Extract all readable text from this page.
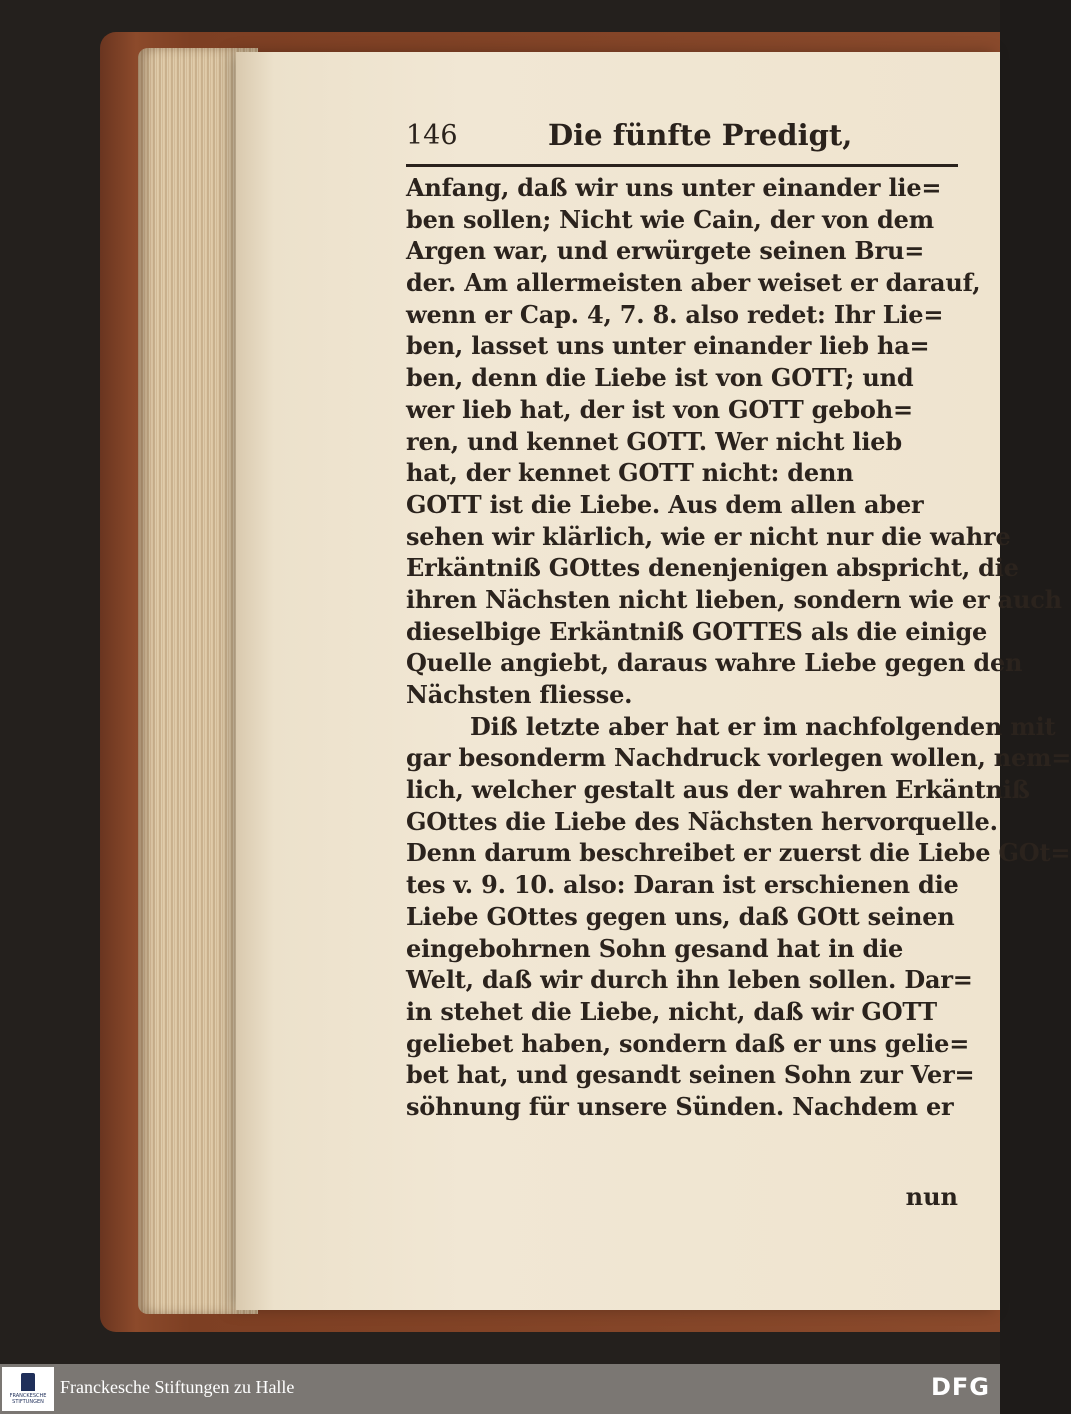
146	Die fünfte Predigt,
Anfang, daß wir uns unter einander lie=
ben sollen; Nicht wie Cain, der von dem
Argen war, und erwürgete seinen Bru=
der. Am allermeisten aber weiset er darauf,
wenn er Cap. 4, 7. 8. also redet: Ihr Lie=
ben, lasset uns unter einander lieb ha=
ben, denn die Liebe ist von GOTT; und
wer lieb hat, der ist von GOTT geboh=
ren, und kennet GOTT. Wer nicht lieb
hat, der kennet GOTT nicht: denn
GOTT ist die Liebe. Aus dem allen aber
sehen wir klärlich, wie er nicht nur die wahre
Erkäntniß GOttes denenjenigen abspricht, die
ihren Nächsten nicht lieben, sondern wie er auch
dieselbige Erkäntniß GOTTES als die einige
Quelle angiebt, daraus wahre Liebe gegen den
Nächsten fliesse.
Diß letzte aber hat er im nachfolgenden mit
gar besonderm Nachdruck vorlegen wollen, nem=
lich, welcher gestalt aus der wahren Erkäntniß
GOttes die Liebe des Nächsten hervorquelle.
Denn darum beschreibet er zuerst die Liebe GOt=
tes v. 9. 10. also: Daran ist erschienen die
Liebe GOttes gegen uns, daß GOtt seinen
eingebohrnen Sohn gesand hat in die
Welt, daß wir durch ihn leben sollen. Dar=
in stehet die Liebe, nicht, daß wir GOTT
geliebet haben, sondern daß er uns gelie=
bet hat, und gesandt seinen Sohn zur Ver=
söhnung für unsere Sünden. Nachdem er
nun
FRANCKESCHE STIFTUNGEN
Franckesche Stiftungen zu Halle	DFG
